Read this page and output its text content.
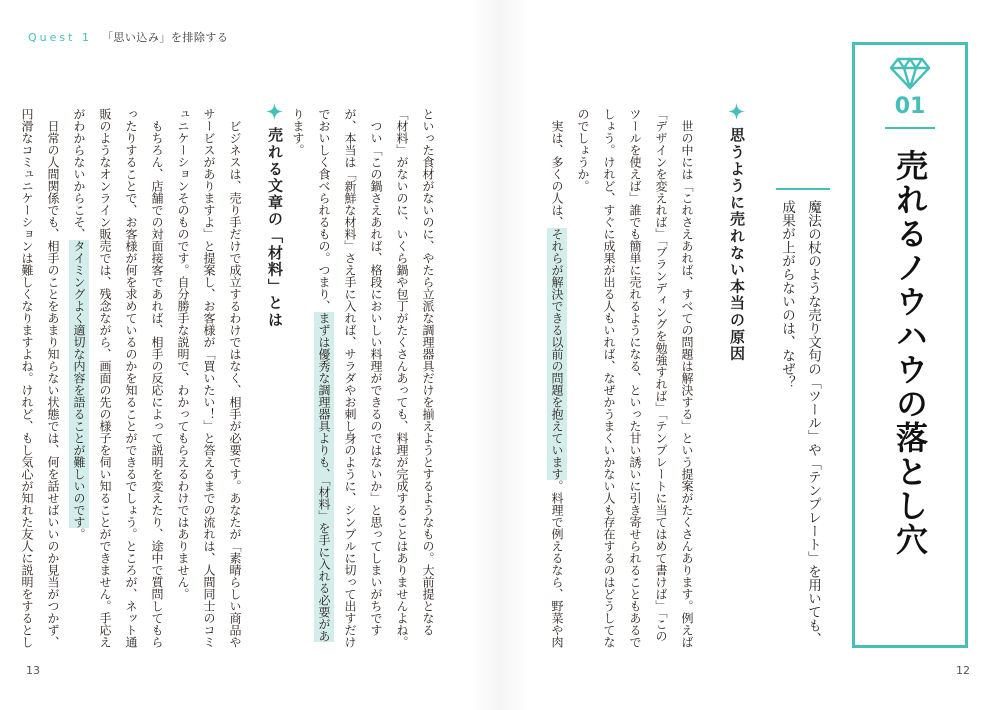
Quest 1 「思い込み」を排除する
01
売れるノウハウの落とし穴

魔法の杖のような売り文句の「ツール」や「テンプレート」を用いても、

成果が上がらないのは、なぜ？

思うように売れない本当の原因

世の中には「これさえあれば、すべての問題は解決する」という提案がたくさんあります。例えば「デザインを変えれば」「ブランディングを勉強すれば」「テンプレートに当てはめて書けば」「このツールを使えば」誰でも簡単に売れるようになる、といった甘い誘いに引き寄せられることもあるでしょう。けれど、すぐに成果が出る人もいれば、なぜかうまくいかない人も存在するのはどうしてなのでしょうか。

実は、多くの人は、それらが解決できる以前の問題を抱えています。料理で例えるなら、野菜や肉

12

といった食材がないのに、やたら立派な調理器具だけを揃えようとするようなもの。大前提となる「材料」がないのに、いくら鍋や包丁がたくさんあっても、料理が完成することはありませんよね。

つい「この鍋さえあれば、格段においしい料理ができるのではないか」と思ってしまいがちですが、本当は「新鮮な材料」さえ手に入れば、サラダやお刺し身のように、シンプルに切って出すだけでおいしく食べられるもの。つまり、まずは優秀な調理器具よりも、「材料」を手に入れる必要があります。

売れる文章の「材料」とは

ビジネスは、売り手だけで成立するわけではなく、相手が必要です。あなたが「素晴らしい商品やサービスがありますよ」と提案し、お客様が「買いたい！」と答えるまでの流れは、人間同士のコミュニケーションそのものです。自分勝手な説明で、わかってもらえるわけではありません。

もちろん、店舗での対面接客であれば、相手の反応によって説明を変えたり、途中で質問してもらったりすることで、お客様が何を求めているのかを知ることができるでしょう。ところが、ネット通販のようなオンライン販売では、残念ながら、画面の先の様子を伺い知ることができません。手応えがわからないからこそ、タイミングよく適切な内容を語ることが難しいのです。

日常の人間関係でも、相手のことをあまり知らない状態では、何を話せばいいのか見当がつかず、円滑なコミュニケーションは難しくなりますよね。けれど、もし気心が知れた友人に説明をするとし

13
